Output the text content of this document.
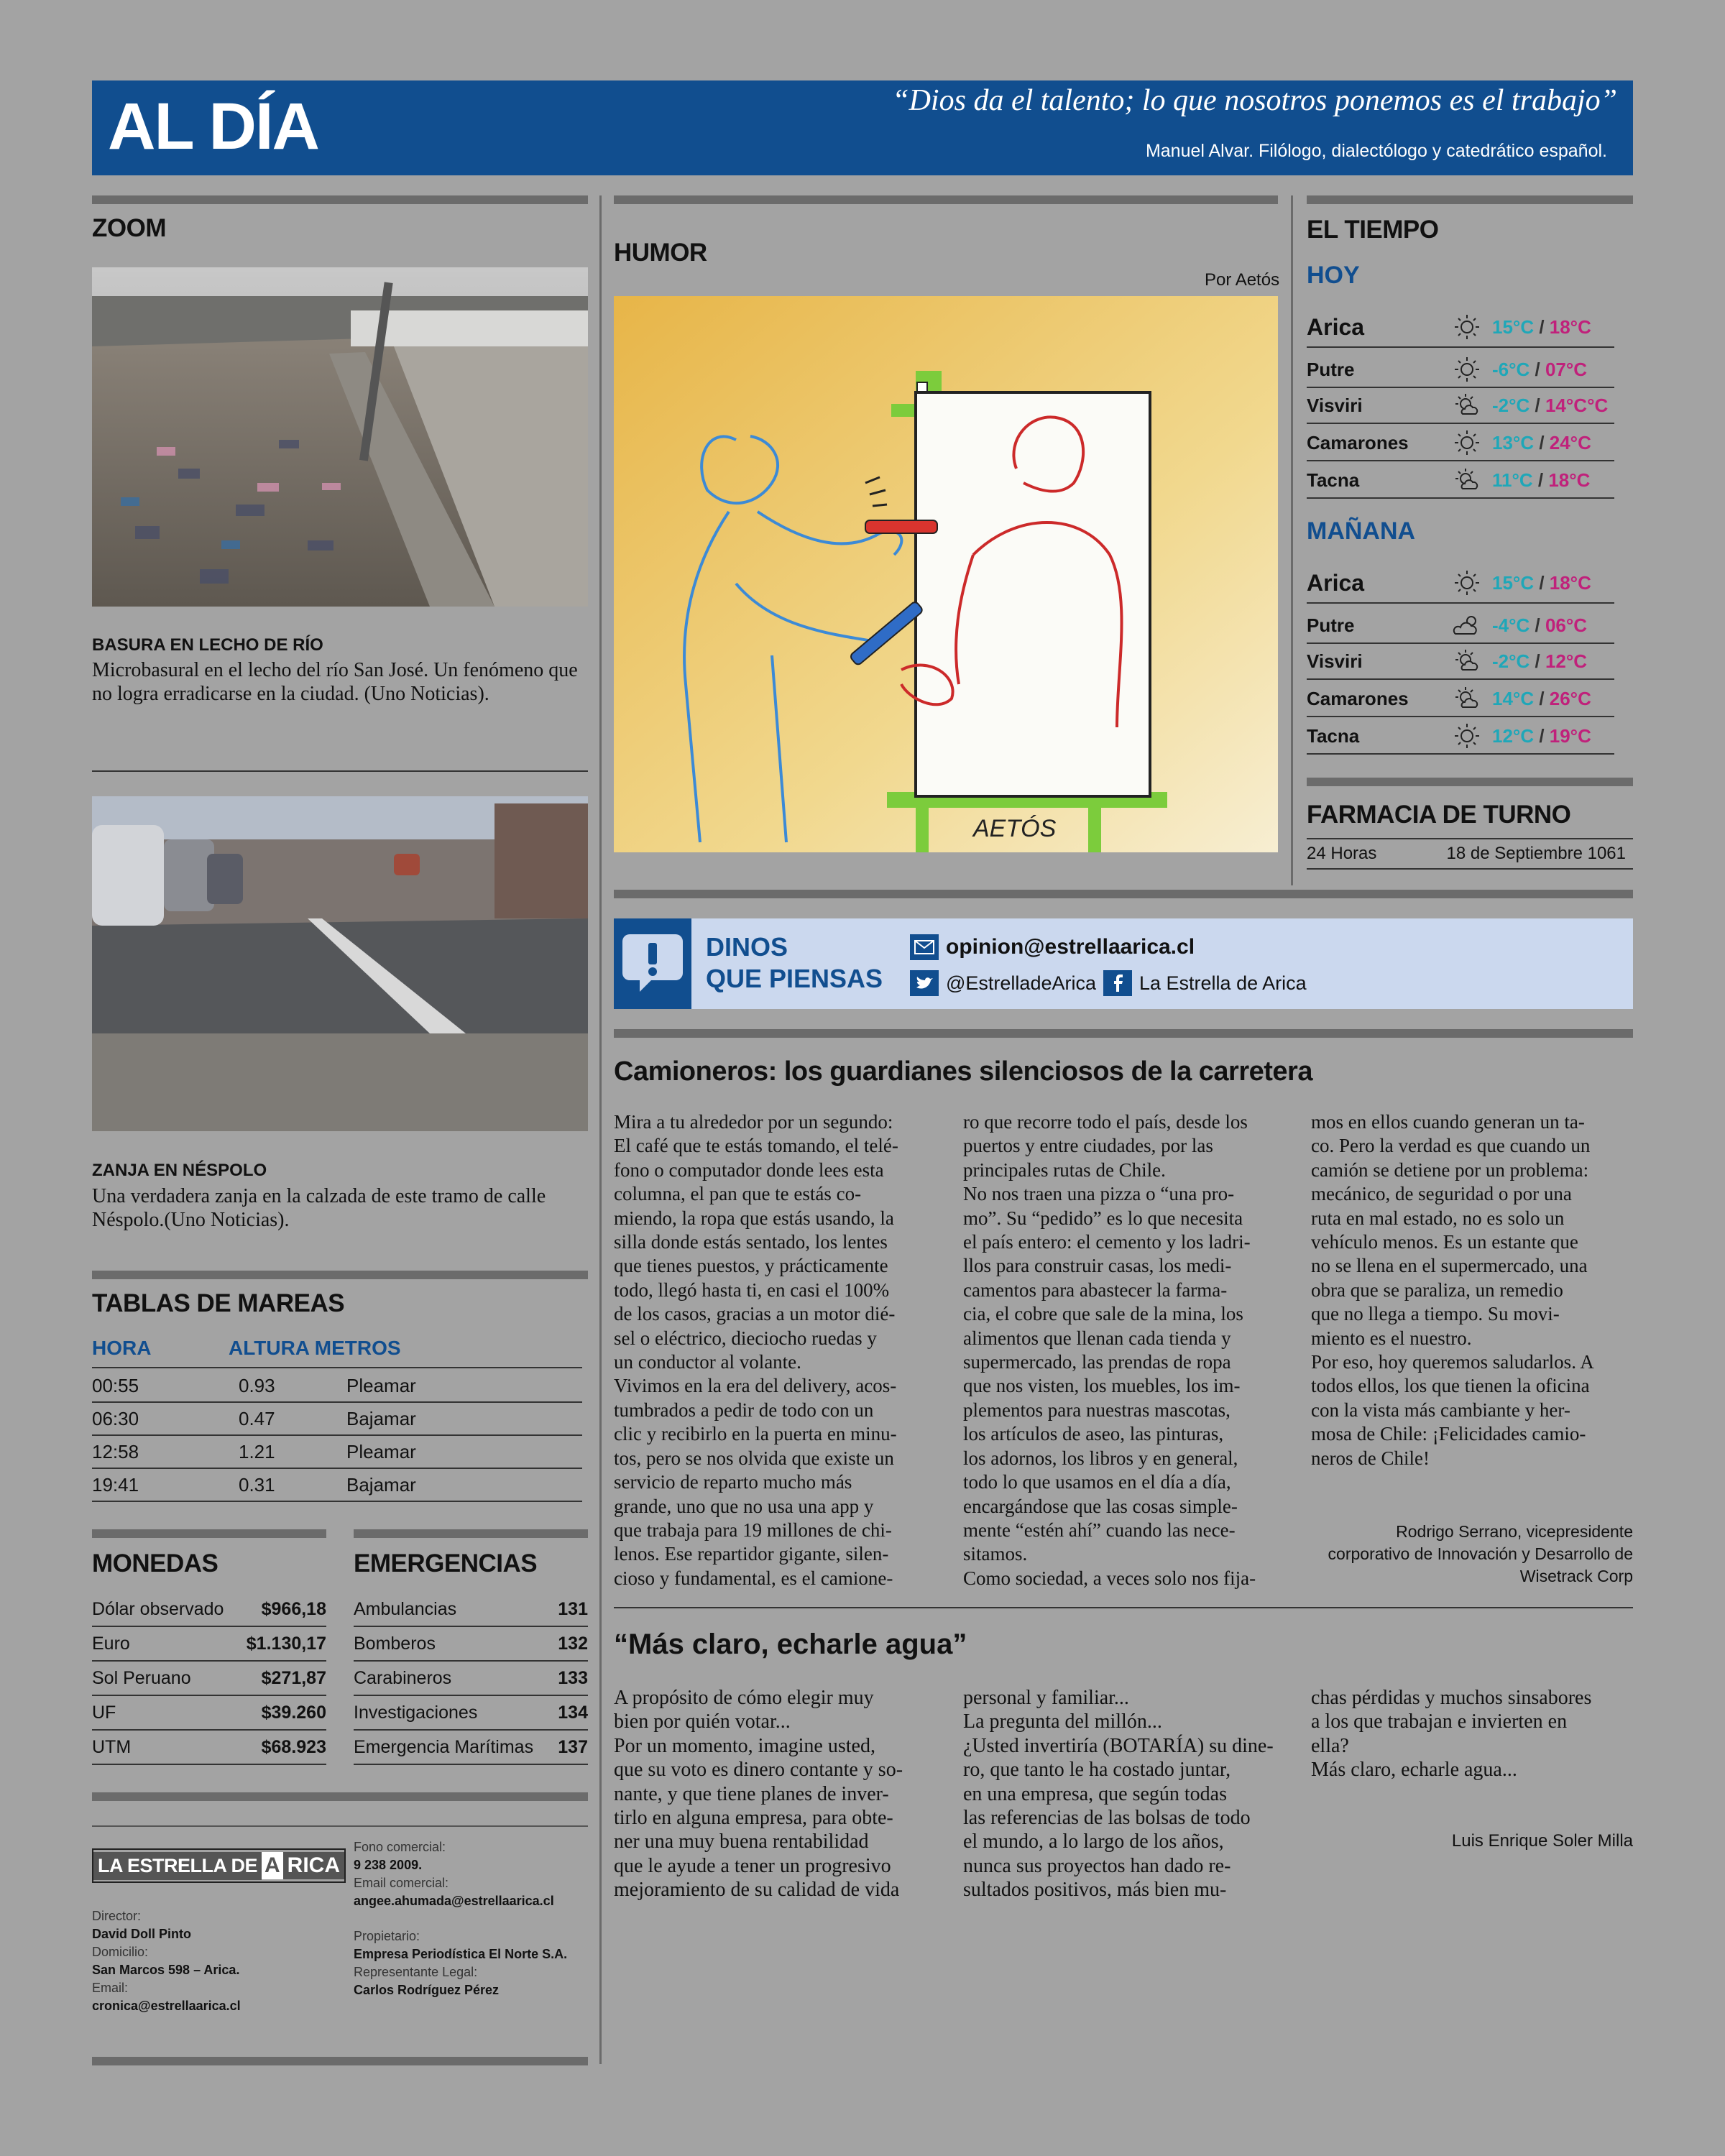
AL DÍA	“Dios da el talento; lo que nosotros ponemos es el trabajo”
Manuel Alvar. Filólogo, dialectólogo y catedrático español.
ZOOM
BASURA EN LECHO DE RÍO
Microbasural en el lecho del río San José. Un fenómeno que no logra erradicarse en la ciudad. (Uno Noticias).
ZANJA EN NÉSPOLO
Una verdadera zanja en la calzada de este tramo de calle Néspolo.(Uno Noticias).
TABLAS DE MAREAS
HORA	ALTURA METROS
00:55	0.93	Pleamar
06:30	0.47	Bajamar
12:58	1.21	Pleamar
19:41	0.31	Bajamar
MONEDAS
Dólar observado $966,18
Euro	$1.130,17
Sol Peruano	$271,87
UF	$39.260
UTM	$68.923
EMERGENCIAS
Ambulancias	131
Bomberos	132
Carabineros	133
Investigaciones	134
Emergencia Marítimas 137
LA ESTRELLA DE A RICA
Director:
David Doll Pinto
Domicilio:
San Marcos 598 – Arica.
Email:
cronica@estrellaarica.cl
Fono comercial:
9 238 2009.
Email comercial:
angee.ahumada@estrellaarica.cl
Propietario:
Empresa Periodística El Norte S.A.
Representante Legal:
Carlos Rodríguez Pérez
HUMOR
Por Aetós
AETÓS
EL TIEMPO
HOY
Arica	15°C / 18°C
Putre	-6°C / 07°C
Visviri	-2°C / 14°C°C
Camarones	13°C / 24°C
Tacna	11°C / 18°C
MAÑANA
Arica	15°C / 18°C
Putre	-4°C / 06°C
Visviri	-2°C / 12°C
Camarones	14°C / 26°C
Tacna	12°C / 19°C
FARMACIA DE TURNO
24 Horas	18 de Septiembre 1061
DINOS
QUE PIENSAS
opinion@estrellaarica.cl
@EstrelladeArica La Estrella de Arica
Camioneros: los guardianes silenciosos de la carretera
Mira a tu alrededor por un segundo:
El café que te estás tomando, el telé-
fono o computador donde lees esta
columna, el pan que te estás co-
miendo, la ropa que estás usando, la
silla donde estás sentado, los lentes
que tienes puestos, y prácticamente
todo, llegó hasta ti, en casi el 100%
de los casos, gracias a un motor dié-
sel o eléctrico, dieciocho ruedas y
un conductor al volante.
Vivimos en la era del delivery, acos-
tumbrados a pedir de todo con un
clic y recibirlo en la puerta en minu-
tos, pero se nos olvida que existe un
servicio de reparto mucho más
grande, uno que no usa una app y
que trabaja para 19 millones de chi-
lenos. Ese repartidor gigante, silen-
cioso y fundamental, es el camione-
ro que recorre todo el país, desde los
puertos y entre ciudades, por las
principales rutas de Chile.
No nos traen una pizza o “una pro-
mo”. Su “pedido” es lo que necesita
el país entero: el cemento y los ladri-
llos para construir casas, los medi-
camentos para abastecer la farma-
cia, el cobre que sale de la mina, los
alimentos que llenan cada tienda y
supermercado, las prendas de ropa
que nos visten, los muebles, los im-
plementos para nuestras mascotas,
los artículos de aseo, las pinturas,
los adornos, los libros y en general,
todo lo que usamos en el día a día,
encargándose que las cosas simple-
mente “estén ahí” cuando las nece-
sitamos.
Como sociedad, a veces solo nos fija-
mos en ellos cuando generan un ta-
co. Pero la verdad es que cuando un
camión se detiene por un problema:
mecánico, de seguridad o por una
ruta en mal estado, no es solo un
vehículo menos. Es un estante que
no se llena en el supermercado, una
obra que se paraliza, un remedio
que no llega a tiempo. Su movi-
miento es el nuestro.
Por eso, hoy queremos saludarlos. A
todos ellos, los que tienen la oficina
con la vista más cambiante y her-
mosa de Chile: ¡Felicidades camio-
neros de Chile!
Rodrigo Serrano, vicepresidente
corporativo de Innovación y Desarrollo de
Wisetrack Corp
“Más claro, echarle agua”
A propósito de cómo elegir muy
bien por quién votar...
Por un momento, imagine usted,
que su voto es dinero contante y so-
nante, y que tiene planes de inver-
tirlo en alguna empresa, para obte-
ner una muy buena rentabilidad
que le ayude a tener un progresivo
mejoramiento de su calidad de vida
personal y familiar...
La pregunta del millón...
¿Usted invertiría (BOTARÍA) su dine-
ro, que tanto le ha costado juntar,
en una empresa, que según todas
las referencias de las bolsas de todo
el mundo, a lo largo de los años,
nunca sus proyectos han dado re-
sultados positivos, más bien mu-
chas pérdidas y muchos sinsabores
a los que trabajan e invierten en
ella?
Más claro, echarle agua...
Luis Enrique Soler Milla
